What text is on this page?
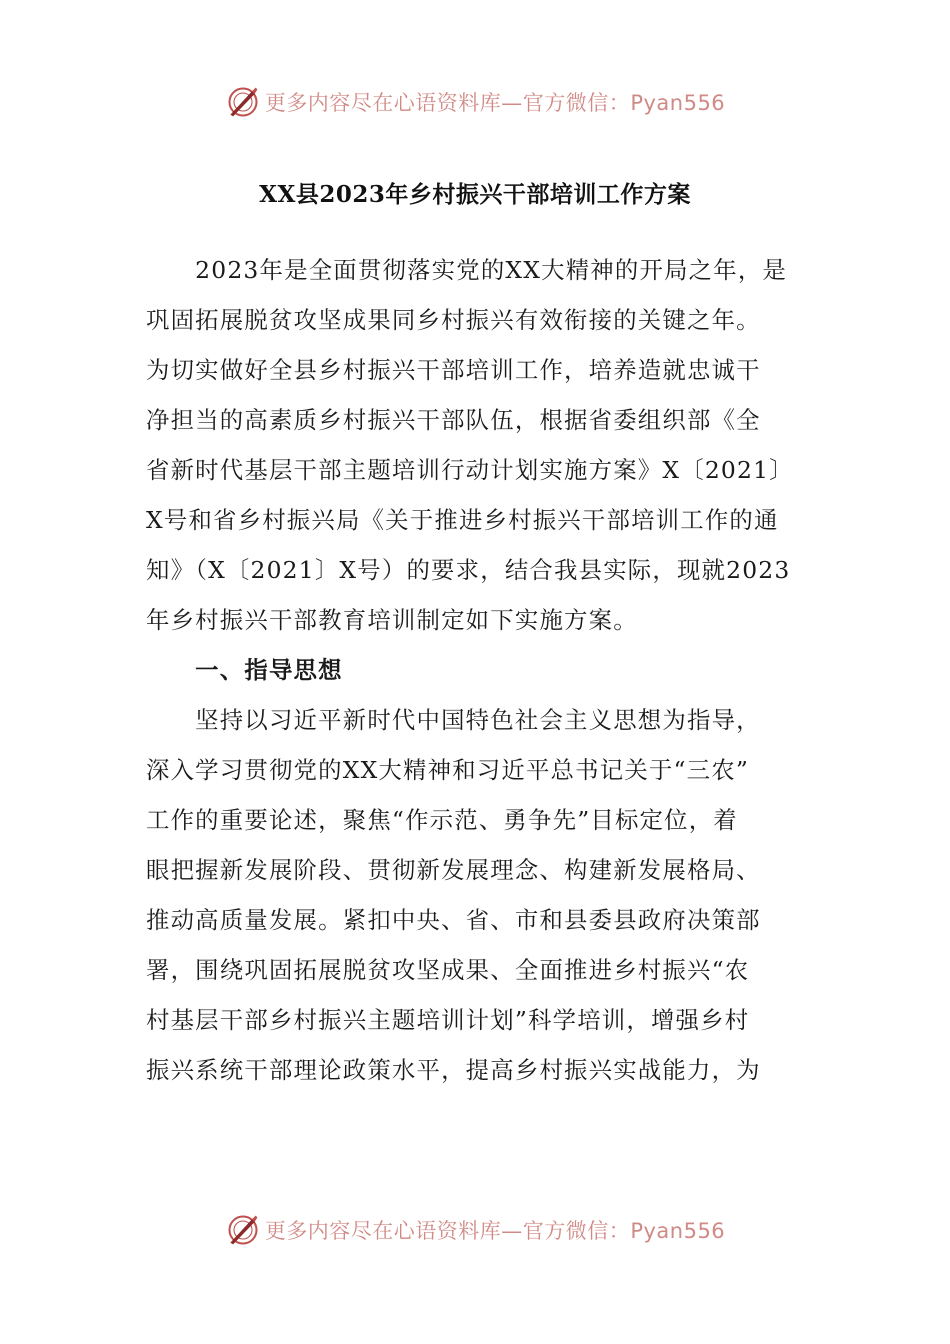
更多内容尽在心语资料库—官方微信：Pyan556
XX县2023年乡村振兴干部培训工作方案
　　2023年是全面贯彻落实党的XX大精神的开局之年，是
巩固拓展脱贫攻坚成果同乡村振兴有效衔接的关键之年。
为切实做好全县乡村振兴干部培训工作，培养造就忠诚干
净担当的高素质乡村振兴干部队伍，根据省委组织部《全
省新时代基层干部主题培训行动计划实施方案》X〔2021〕
X号和省乡村振兴局《关于推进乡村振兴干部培训工作的通
知》（X〔2021〕X号）的要求，结合我县实际，现就2023
年乡村振兴干部教育培训制定如下实施方案。
　　一、指导思想
　　坚持以习近平新时代中国特色社会主义思想为指导，
深入学习贯彻党的XX大精神和习近平总书记关于“三农”
工作的重要论述，聚焦“作示范、勇争先”目标定位，着
眼把握新发展阶段、贯彻新发展理念、构建新发展格局、
推动高质量发展。紧扣中央、省、市和县委县政府决策部
署，围绕巩固拓展脱贫攻坚成果、全面推进乡村振兴“农
村基层干部乡村振兴主题培训计划”科学培训，增强乡村
振兴系统干部理论政策水平，提高乡村振兴实战能力，为
更多内容尽在心语资料库—官方微信：Pyan556
